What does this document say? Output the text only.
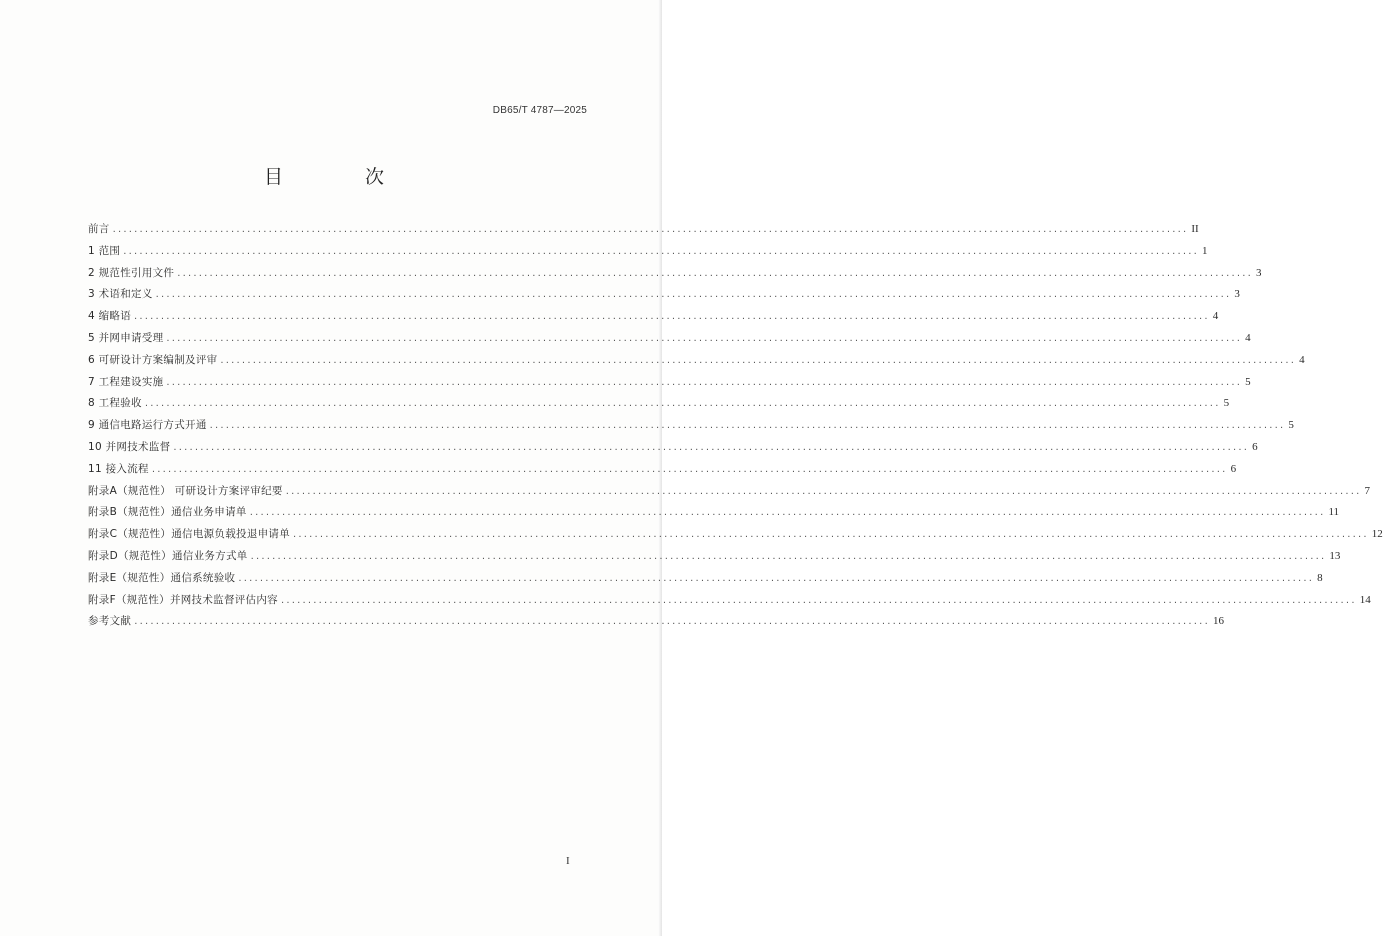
DB65/T 4787—2025
目 次
前言 ........................................................................................................................................................................................................ II
1 范围 ........................................................................................................................................................................................................ 1
2 规范性引用文件 ........................................................................................................................................................................................................ 3
3 术语和定义 ........................................................................................................................................................................................................ 3
4 缩略语 ........................................................................................................................................................................................................ 4
5 并网申请受理 ........................................................................................................................................................................................................ 4
6 可研设计方案编制及评审 ........................................................................................................................................................................................................ 4
7 工程建设实施 ........................................................................................................................................................................................................ 5
8 工程验收 ........................................................................................................................................................................................................ 5
9 通信电路运行方式开通 ........................................................................................................................................................................................................ 5
10 并网技术监督 ........................................................................................................................................................................................................ 6
11 接入流程 ........................................................................................................................................................................................................ 6
附录A（规范性） 可研设计方案评审纪要 ........................................................................................................................................................................................................ 7
附录B（规范性）通信业务申请单 ........................................................................................................................................................................................................ 11
附录C（规范性）通信电源负载投退申请单 ........................................................................................................................................................................................................ 12
附录D（规范性）通信业务方式单 ........................................................................................................................................................................................................ 13
附录E（规范性）通信系统验收 ........................................................................................................................................................................................................ 8
附录F（规范性）并网技术监督评估内容 ........................................................................................................................................................................................................ 14
参考文献 ........................................................................................................................................................................................................ 16
I
